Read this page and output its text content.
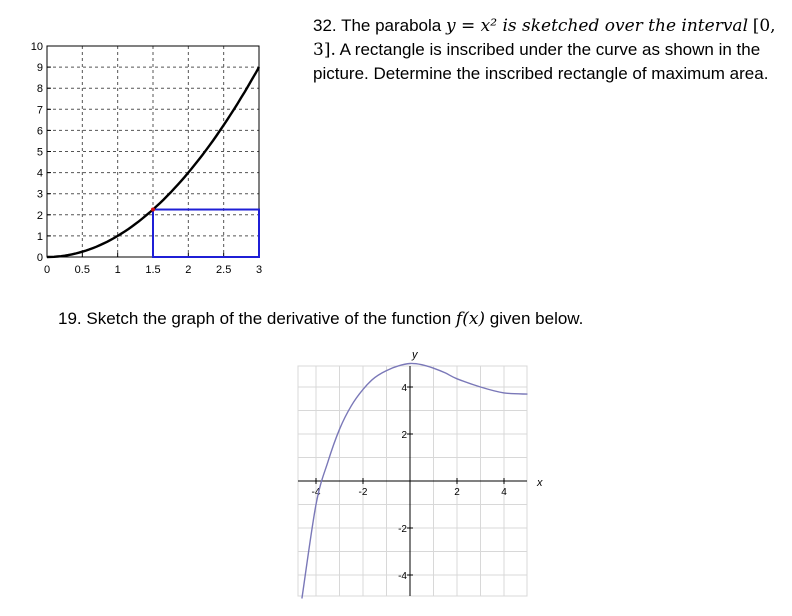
32. The parabola y = x² is sketched over the interval [0, 3]. A rectangle is inscribed under the curve as shown in the picture. Determine the inscribed rectangle of maximum area.
19. Sketch the graph of the derivative of the function f(x) given below.
0 0.5 1 1.5 2 2.5 3
0
1
2
3
4
5
6
7
8
9
10
x
y
-4	-2	2	4
4
2
-2
-4
